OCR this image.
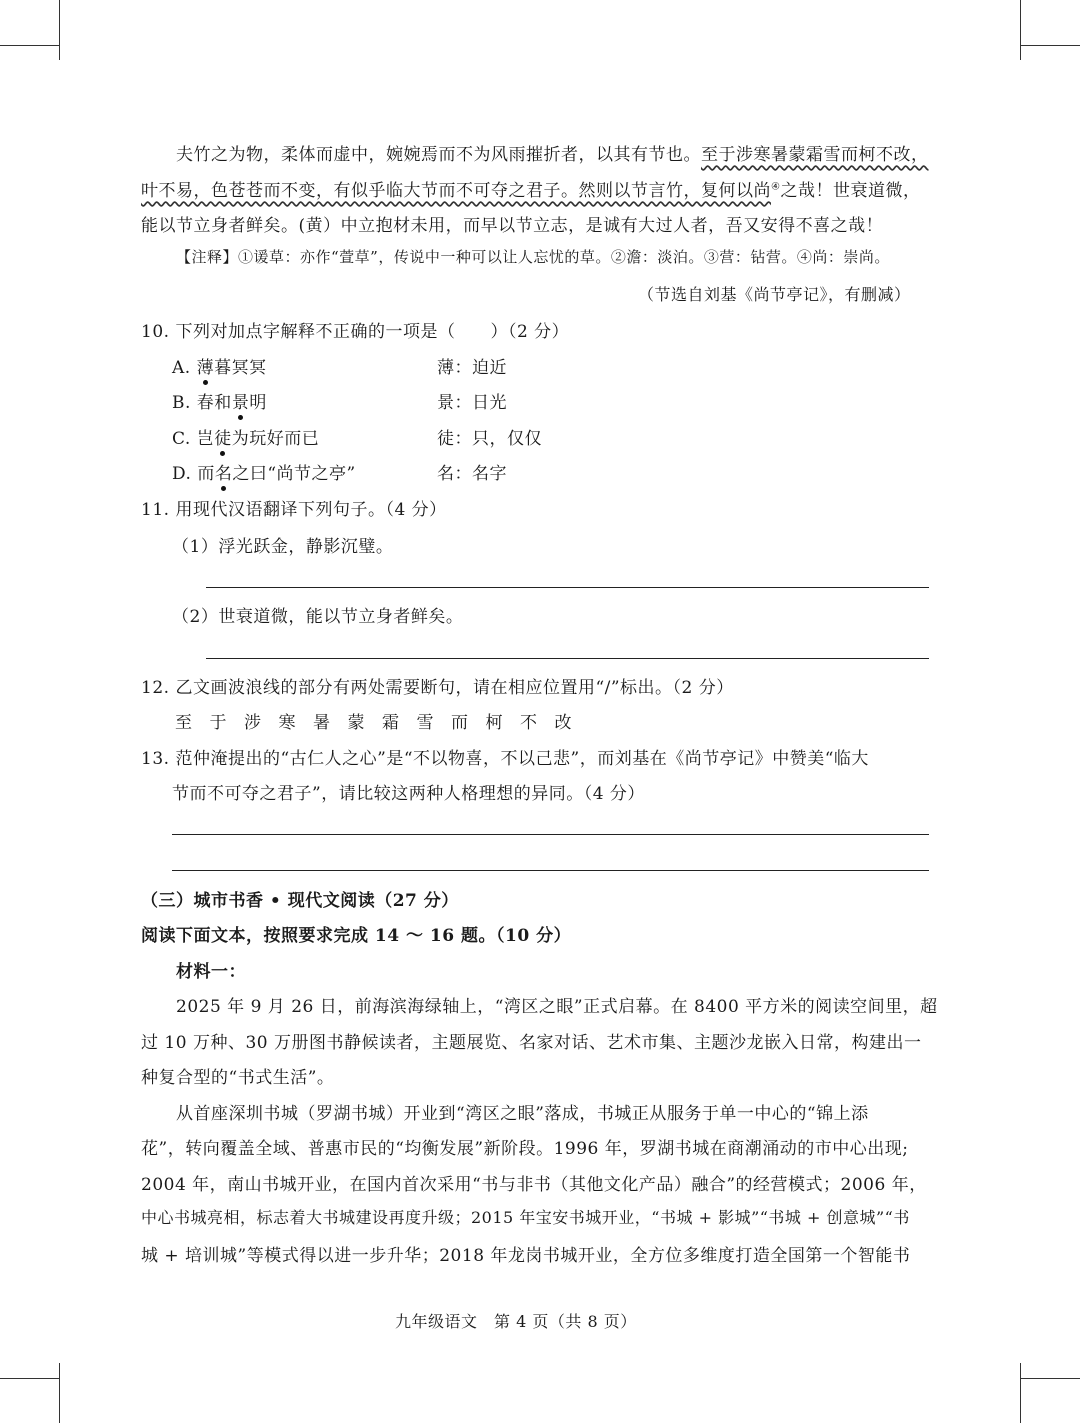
夫竹之为物，柔体而虚中，婉婉焉而不为风雨摧折者，以其有节也。至于涉寒暑蒙霜雪而柯不改，
叶不易，色苍苍而不变，有似乎临大节而不可夺之君子。然则以节言竹，复何以尚④之哉！世衰道微，
能以节立身者鲜矣。(黄）中立抱材未用，而早以节立志，是诚有大过人者，吾又安得不喜之哉！
【注释】①谖草：亦作“萱草”，传说中一种可以让人忘忧的草。②澹：淡泊。③营：钻营。④尚：崇尚。
（节选自刘基《尚节亭记》，有删减）
10. 下列对加点字解释不正确的一项是（　　）（2 分）
A. 薄暮冥冥	薄：迫近
B. 春和景明	景：日光
C. 岂徒为玩好而已	徒：只，仅仅
D. 而名之曰“尚节之亭”	名：名字
11. 用现代汉语翻译下列句子。（4 分）
（1）浮光跃金，静影沉璧。
（2）世衰道微，能以节立身者鲜矣。
12. 乙文画波浪线的部分有两处需要断句，请在相应位置用“/”标出。（2 分）
至 于 涉 寒 暑 蒙 霜 雪 而 柯 不 改
13. 范仲淹提出的“古仁人之心”是“不以物喜，不以己悲”，而刘基在《尚节亭记》中赞美“临大
节而不可夺之君子”，请比较这两种人格理想的异同。（4 分）
（三）城市书香 • 现代文阅读（27 分）
阅读下面文本，按照要求完成 14 ～ 16 题。（10 分）
材料一：
2025 年 9 月 26 日，前海滨海绿轴上，“湾区之眼”正式启幕。在 8400 平方米的阅读空间里，超
过 10 万种、30 万册图书静候读者，主题展览、名家对话、艺术市集、主题沙龙嵌入日常，构建出一
种复合型的“书式生活”。
从首座深圳书城（罗湖书城）开业到“湾区之眼”落成，书城正从服务于单一中心的“锦上添
花”，转向覆盖全域、普惠市民的“均衡发展”新阶段。1996 年，罗湖书城在商潮涌动的市中心出现;
2004 年，南山书城开业，在国内首次采用“书与非书（其他文化产品）融合”的经营模式；2006 年，
中心书城亮相，标志着大书城建设再度升级；2015 年宝安书城开业，“书城 + 影城”“书城 + 创意城”“书
城 + 培训城”等模式得以进一步升华；2018 年龙岗书城开业，全方位多维度打造全国第一个智能书
九年级语文　第 4 页（共 8 页）
